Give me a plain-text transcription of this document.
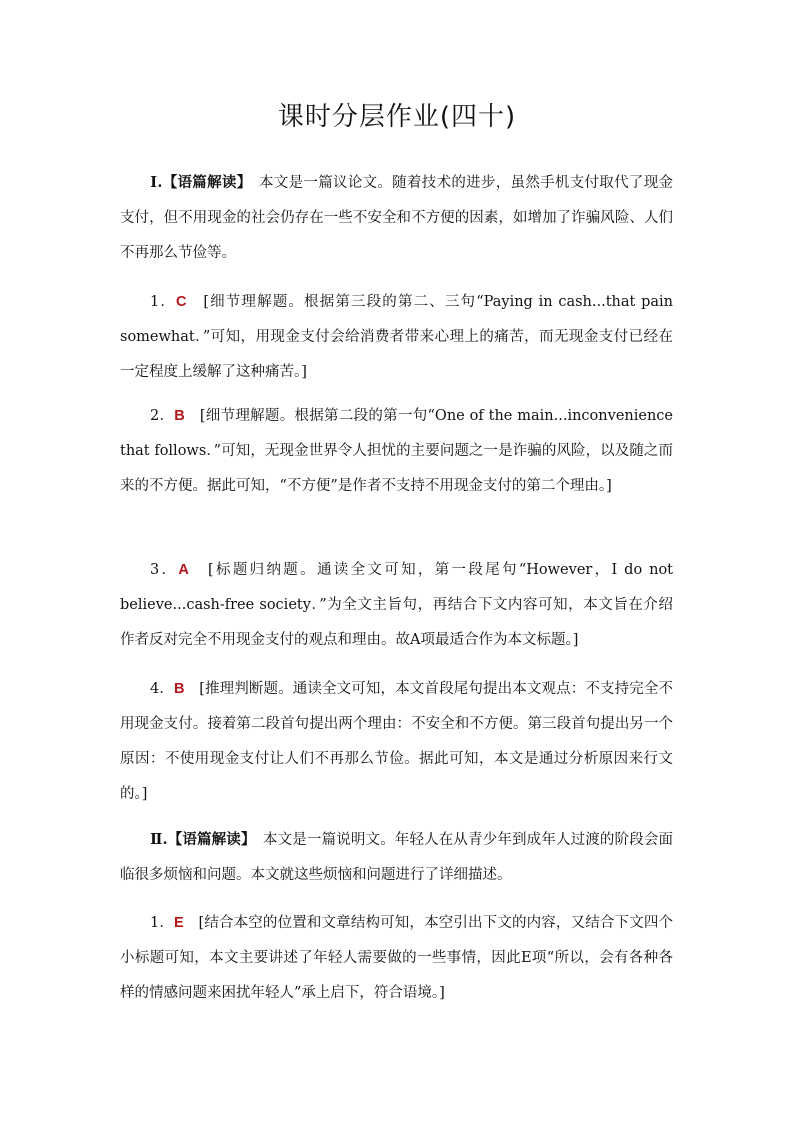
课时分层作业(四十)
Ⅰ.【语篇解读】　本文是一篇议论文。随着技术的进步，虽然手机支付取代了现金支付，但不用现金的社会仍存在一些不安全和不方便的因素，如增加了诈骗风险、人们不再那么节俭等。
1．C　[细节理解题。根据第三段的第二、三句“Paying in cash...that pain somewhat．”可知，用现金支付会给消费者带来心理上的痛苦，而无现金支付已经在一定程度上缓解了这种痛苦。]
2．B　[细节理解题。根据第二段的第一句“One of the main...inconvenience that follows．”可知，无现金世界令人担忧的主要问题之一是诈骗的风险，以及随之而来的不方便。据此可知，“不方便”是作者不支持不用现金支付的第二个理由。]
3．A　[标题归纳题。通读全文可知，第一段尾句“However，I do not believe...cash-free society．”为全文主旨句，再结合下文内容可知，本文旨在介绍作者反对完全不用现金支付的观点和理由。故A项最适合作为本文标题。]
4．B　[推理判断题。通读全文可知，本文首段尾句提出本文观点：不支持完全不用现金支付。接着第二段首句提出两个理由：不安全和不方便。第三段首句提出另一个原因：不使用现金支付让人们不再那么节俭。据此可知，本文是通过分析原因来行文的。]
Ⅱ.【语篇解读】　本文是一篇说明文。年轻人在从青少年到成年人过渡的阶段会面临很多烦恼和问题。本文就这些烦恼和问题进行了详细描述。
1．E　[结合本空的位置和文章结构可知，本空引出下文的内容，又结合下文四个小标题可知，本文主要讲述了年轻人需要做的一些事情，因此E项“所以，会有各种各样的情感问题来困扰年轻人”承上启下，符合语境。]
